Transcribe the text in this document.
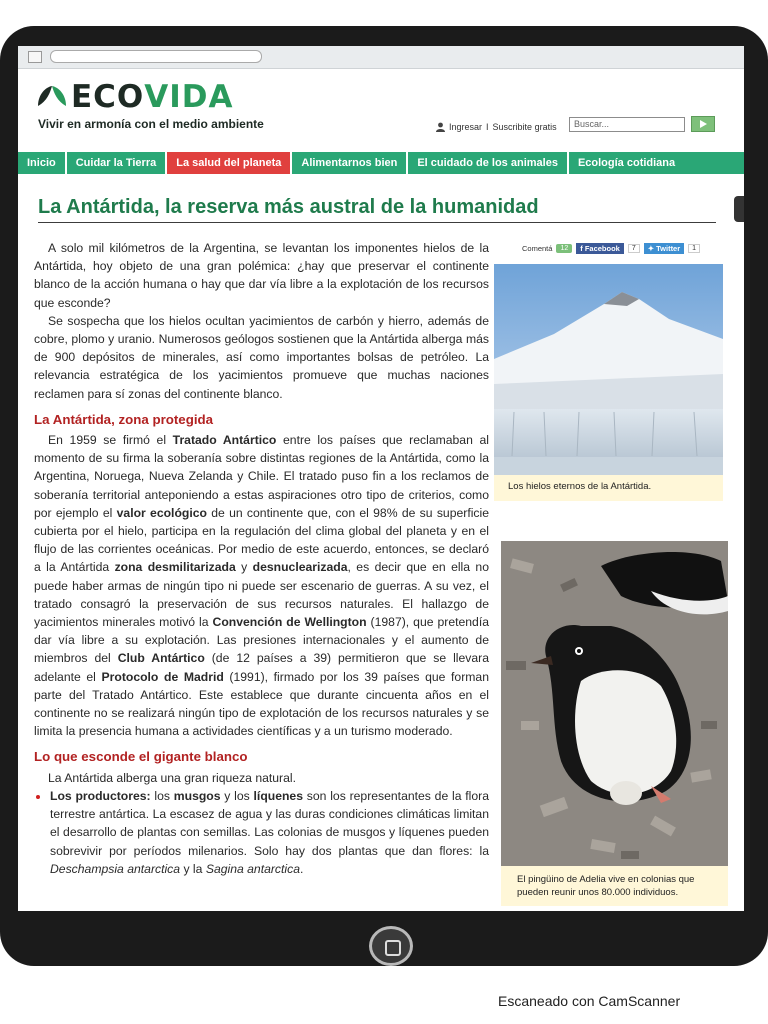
ECO VIDA
Vivir en armonía con el medio ambiente	Ingresar I Suscribite gratis	Buscar...
Inicio	Cuidar la Tierra	La salud del planeta	Alimentarnos bien	El cuidado de los animales	Ecología cotidiana
La Antártida, la reserva más austral de la humanidad

A solo mil kilómetros de la Argentina, se levantan los imponentes hielos de la Antártida, hoy objeto de una gran polémica: ¿hay que preservar el continente blanco de la acción humana o hay que dar vía libre a la explotación de los recursos que esconde?

Se sospecha que los hielos ocultan yacimientos de carbón y hierro, además de cobre, plomo y uranio. Numerosos geólogos sostienen que la Antártida alberga más de 900 depósitos de minerales, así como importantes bolsas de petróleo. La relevancia estratégica de los yacimientos promueve que muchas naciones reclamen para sí zonas del continente blanco.

La Antártida, zona protegida

En 1959 se firmó el Tratado Antártico entre los países que reclamaban al momento de su firma la soberanía sobre distintas regiones de la Antártida, como la Argentina, Noruega, Nueva Zelanda y Chile. El tratado puso fin a los reclamos de soberanía territorial anteponiendo a estas aspiraciones otro tipo de criterios, como por ejemplo el valor ecológico de un continente que, con el 98% de su superficie cubierta por el hielo, participa en la regulación del clima global del planeta y en el flujo de las corrientes oceánicas. Por medio de este acuerdo, entonces, se declaró a la Antártida zona desmilitarizada y desnuclearizada, es decir que en ella no puede haber armas de ningún tipo ni puede ser escenario de guerras. A su vez, el tratado consagró la preservación de sus recursos naturales. El hallazgo de yacimientos minerales motivó la Convención de Wellington (1987), que pretendía dar vía libre a su explotación. Las presiones internacionales y el aumento de miembros del Club Antártico (de 12 países a 39) permitieron que se llevara adelante el Protocolo de Madrid (1991), firmado por los 39 países que forman parte del Tratado Antártico. Este establece que durante cincuenta años en el continente no se realizará ningún tipo de explotación de los recursos naturales y se limita la presencia humana a actividades científicas y a un turismo moderado.

Lo que esconde el gigante blanco

La Antártida alberga una gran riqueza natural.

• Los productores: los musgos y los líquenes son los representantes de la flora terrestre antártica. La escasez de agua y las duras condiciones climáticas limitan el desarrollo de plantas con semillas. Las colonias de musgos y líquenes pueden sobrevivir por períodos milenarios. Solo hay dos plantas que dan flores: la Deschampsia antarctica y la Sagina antarctica.
Comentá	12	f Facebook	7	✦ Twitter	1
Los hielos eternos de la Antártida.
El pingüino de Adelia vive en colonias que pueden reunir unos 80.000 individuos.
Escaneado con CamScanner
